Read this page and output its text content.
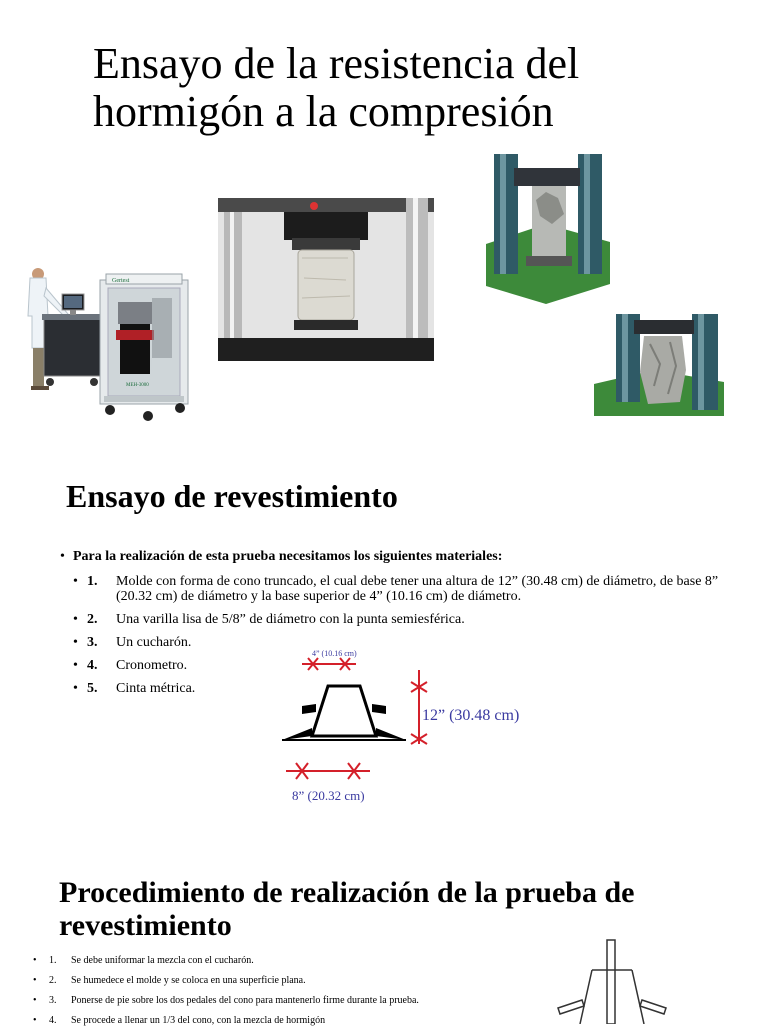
Ensayo de la resistencia del hormigón a la compresión
Gertest
MEH-3000
Ensayo de revestimiento
• Para la realización de esta prueba necesitamos los siguientes materiales:
• 1. Molde con forma de cono truncado, el cual debe tener una altura de 12” (30.48 cm) de diámetro, de base 8” (20.32 cm) de diámetro y la base superior de 4” (10.16 cm) de diámetro.
• 2. Una varilla lisa de 5/8” de diámetro con la punta semiesférica.
• 3. Un cucharón.
• 4. Cronometro.
• 5. Cinta métrica.
4” (10.16 cm)
12” (30.48 cm)
8” (20.32 cm)
Procedimiento de realización de la prueba de revestimiento
• 1. Se debe uniformar la mezcla con el cucharón.
• 2. Se humedece el molde y se coloca en una superficie plana.
• 3. Ponerse de pie sobre los dos pedales del cono para mantenerlo firme durante la prueba.
• 4. Se procede a llenar un 1/3 del cono, con la mezcla de hormigón
